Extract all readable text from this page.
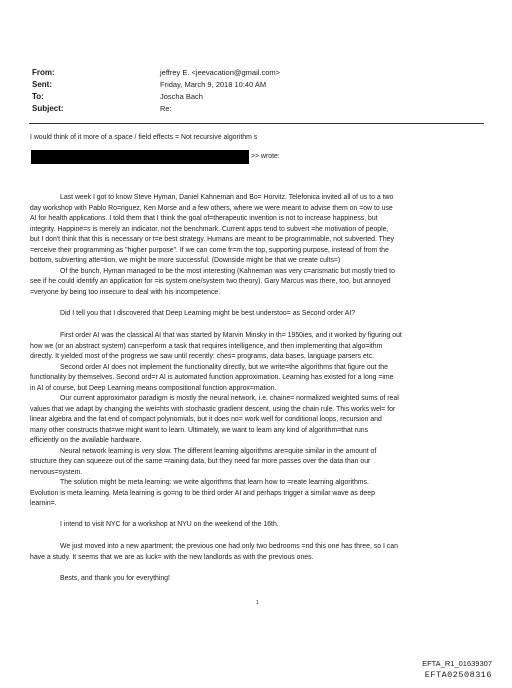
From:
Sent:
To:
Subject:
jeffrey E. <jeevacation@gmail.com>
Friday, March 9, 2018 10:40 AM
Joscha Bach
Re:
I would think of it more of a space / field effects = Not recursive algorithm s
>> wrote:
Last week I got to know Steve Hyman, Daniel Kahneman and Bo= Horvitz. Telefonica invited all of us to a two
day workshop with Pablo Ro=riguez, Ken Morse and a few others, where we were meant to advise them on =ow to use
AI for health applications. I told them that I think the goal of=therapeutic invention is not to increase happiness, but
integrity. Happine=s is merely an indicator, not the benchmark. Current apps tend to subvert =he motivation of people,
but I don't think that this is necessary or t=e best strategy. Humans are meant to be programmable, not subverted. They
=erceive their programming as "higher purpose". If we can come fr=m the top, supporting purpose, instead of from the
bottom, subverting atte=tion, we might be more successful. (Downside might be that we create cults=)
Of the bunch, Hyman managed to be the most interesting (Kahneman was very c=arismatic but mostly tried to
see if he could identify an application for =is system one/system two theory). Gary Marcus was there, too, but annoyed
=veryone by being too insecure to deal with his incompetence.
Did I tell you that I discovered that Deep Learning might be best understoo= as Second order AI?
First order AI was the classical AI that was started by Marvin Minsky in th= 1950ies, and it worked by figuring out
how we (or an abstract system) can=perform a task that requires intelligence, and then implementing that algo=ithm
directly. It yielded most of the progress we saw until recently: ches= programs, data bases, language parsers etc.
Second order AI does not implement the functionality directly, but we write=the algorithms that figure out the
functionality by themselves. Second ord=r AI is automated function approximation. Learning has existed for a long =ime
in AI of course, but Deep Learning means compositional function approx=mation.
Our current approximator paradigm is mostly the neural network, i.e. chaine= normalized weighted sums of real
values that we adapt by changing the wei=hts with stochastic gradient descent, using the chain rule. This works wel= for
linear algebra and the fat end of compact polynomials, but it does no= work well for conditional loops, recursion and
many other constructs that=we might want to learn. Ultimately, we want to learn any kind of algorithm=that runs
efficiently on the available hardware.
Neural network learning is very slow. The different learning algorithms are=quite similar in the amount of
structure they can squeeze out of the same =raining data, but they need far more passes over the data than our
nervous=system.
The solution might be meta learning: we write algorithms that learn how to =reate learning algorithms.
Evolution is meta learning. Meta learning is go=ng to be third order AI and perhaps trigger a similar wave as deep
learnin=.
I intend to visit NYC for a workshop at NYU on the weekend of the 16th.
We just moved into a new apartment; the previous one had only two bedrooms =nd this one has three, so I can
have a study. It seems that we are as luck= with the new landlords as with the previous ones.
Bests, and thank you for everything!
1
EFTA_R1_01639307
EFTA02508316
